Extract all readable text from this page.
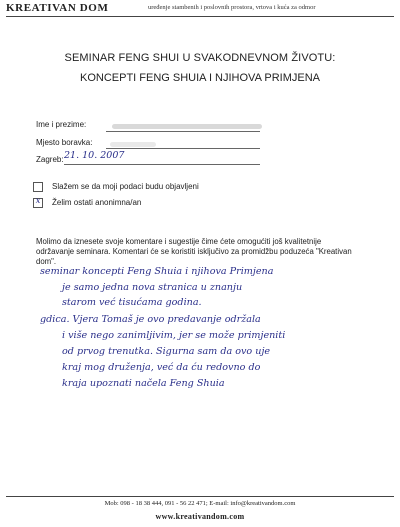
KREATIVAN DOM	uređenje stambenih i poslovnih prostora, vrtova i kuća za odmor
SEMINAR FENG SHUI U SVAKODNEVNOM ŽIVOTU:
KONCEPTI FENG SHUIA I NJIHOVA PRIMJENA
Ime i prezime:
Mjesto boravka:
Zagreb: 21. 10. 2007
Slažem se da moji podaci budu objavljeni
x Želim ostati anonimna/an
Molimo da iznesete svoje komentare i sugestije čime ćete omogućiti još kvalitetnije održavanje seminara. Komentari će se koristiti isključivo za promidžbu poduzeća "Kreativan dom".
seminar koncepti Feng Shuia i njihova Primjena
je samo jedna nova stranica u znanju
starom već tisućama godina.
gdica. Vjera Tomaš je ovo predavanje održala
i više nego zanimljivim, jer se može primjeniti
od prvog trenutka. Sigurna sam da ovo uje
kraj mog druženja, već da ću redovno do
kraja upoznati načela Feng Shuia
Mob: 098 - 18 38 444, 091 - 56 22 471; E-mail: info@kreativandom.com
www.kreativandom.com
